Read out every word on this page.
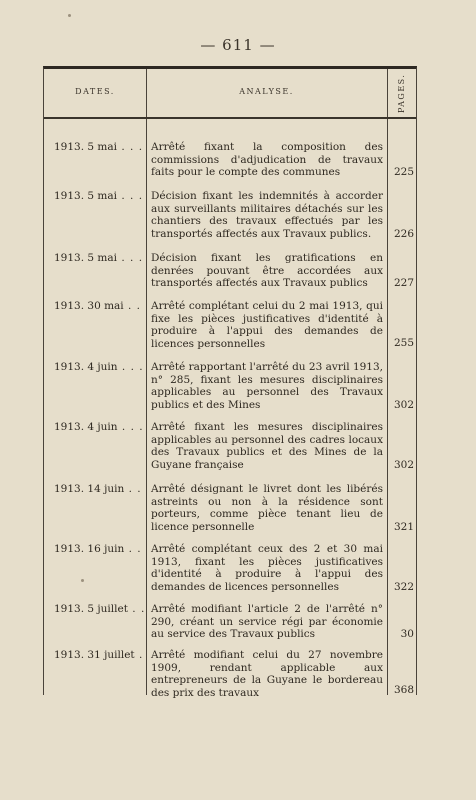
— 611 —
DATES.	ANALYSE.	PAGES.
1913. 5 mai . . .	Arrêté fixant la composition des commissions d'adjudication de travaux faits pour le compte des communes	225
1913. 5 mai . . .	Décision fixant les indemnités à accorder aux surveillants militaires détachés sur les chantiers des travaux effectués par les transportés affectés aux Travaux publics.	226
1913. 5 mai . . .	Décision fixant les gratifications en denrées pouvant être accordées aux transportés affectés aux Travaux publics	227
1913. 30 mai . . .	Arrêté complétant celui du 2 mai 1913, qui fixe les pièces justificatives d'identité à produire à l'appui des demandes de licences personnelles	255
1913. 4 juin . . .	Arrêté rapportant l'arrêté du 23 avril 1913, n° 285, fixant les mesures disciplinaires applicables au personnel des Travaux publics et des Mines	302
1913. 4 juin . . .	Arrêté fixant les mesures disciplinaires applicables au personnel des cadres locaux des Travaux publics et des Mines de la Guyane française	302
1913. 14 juin . . .	Arrêté désignant le livret dont les libérés astreints ou non à la résidence sont porteurs, comme pièce tenant lieu de licence personnelle	321
1913. 16 juin . . .	Arrêté complétant ceux des 2 et 30 mai 1913, fixant les pièces justificatives d'identité à produire à l'appui des demandes de licences personnelles	322
1913. 5 juillet . . .	Arrêté modifiant l'article 2 de l'arrêté n° 290, créant un service régi par économie au service des Travaux publics	30
1913. 31 juillet . . .	Arrêté modifiant celui du 27 novembre 1909, rendant applicable aux entrepreneurs de la Guyane le bordereau des prix des travaux	368
